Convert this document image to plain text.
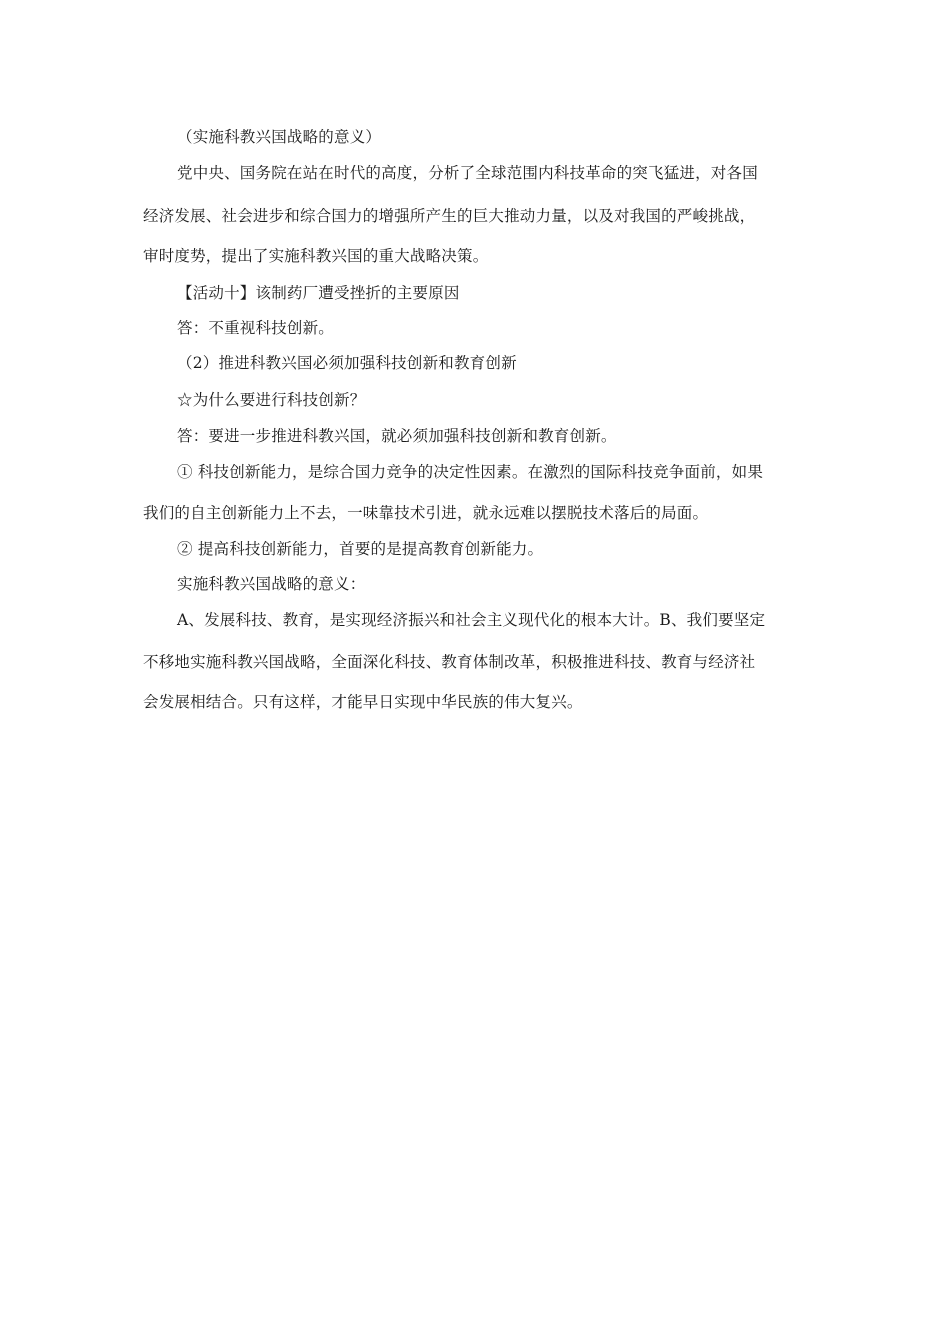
（实施科教兴国战略的意义）
党中央、国务院在站在时代的高度，分析了全球范围内科技革命的突飞猛进，对各国
经济发展、社会进步和综合国力的增强所产生的巨大推动力量，以及对我国的严峻挑战，
审时度势，提出了实施科教兴国的重大战略决策。
【活动十】该制药厂遭受挫折的主要原因
答：不重视科技创新。
（2）推进科教兴国必须加强科技创新和教育创新
☆为什么要进行科技创新？
答：要进一步推进科教兴国，就必须加强科技创新和教育创新。
① 科技创新能力，是综合国力竞争的决定性因素。在激烈的国际科技竞争面前，如果
我们的自主创新能力上不去，一味靠技术引进，就永远难以摆脱技术落后的局面。
② 提高科技创新能力，首要的是提高教育创新能力。
实施科教兴国战略的意义：
A、发展科技、教育，是实现经济振兴和社会主义现代化的根本大计。B、我们要坚定
不移地实施科教兴国战略，全面深化科技、教育体制改革，积极推进科技、教育与经济社
会发展相结合。只有这样，才能早日实现中华民族的伟大复兴。
